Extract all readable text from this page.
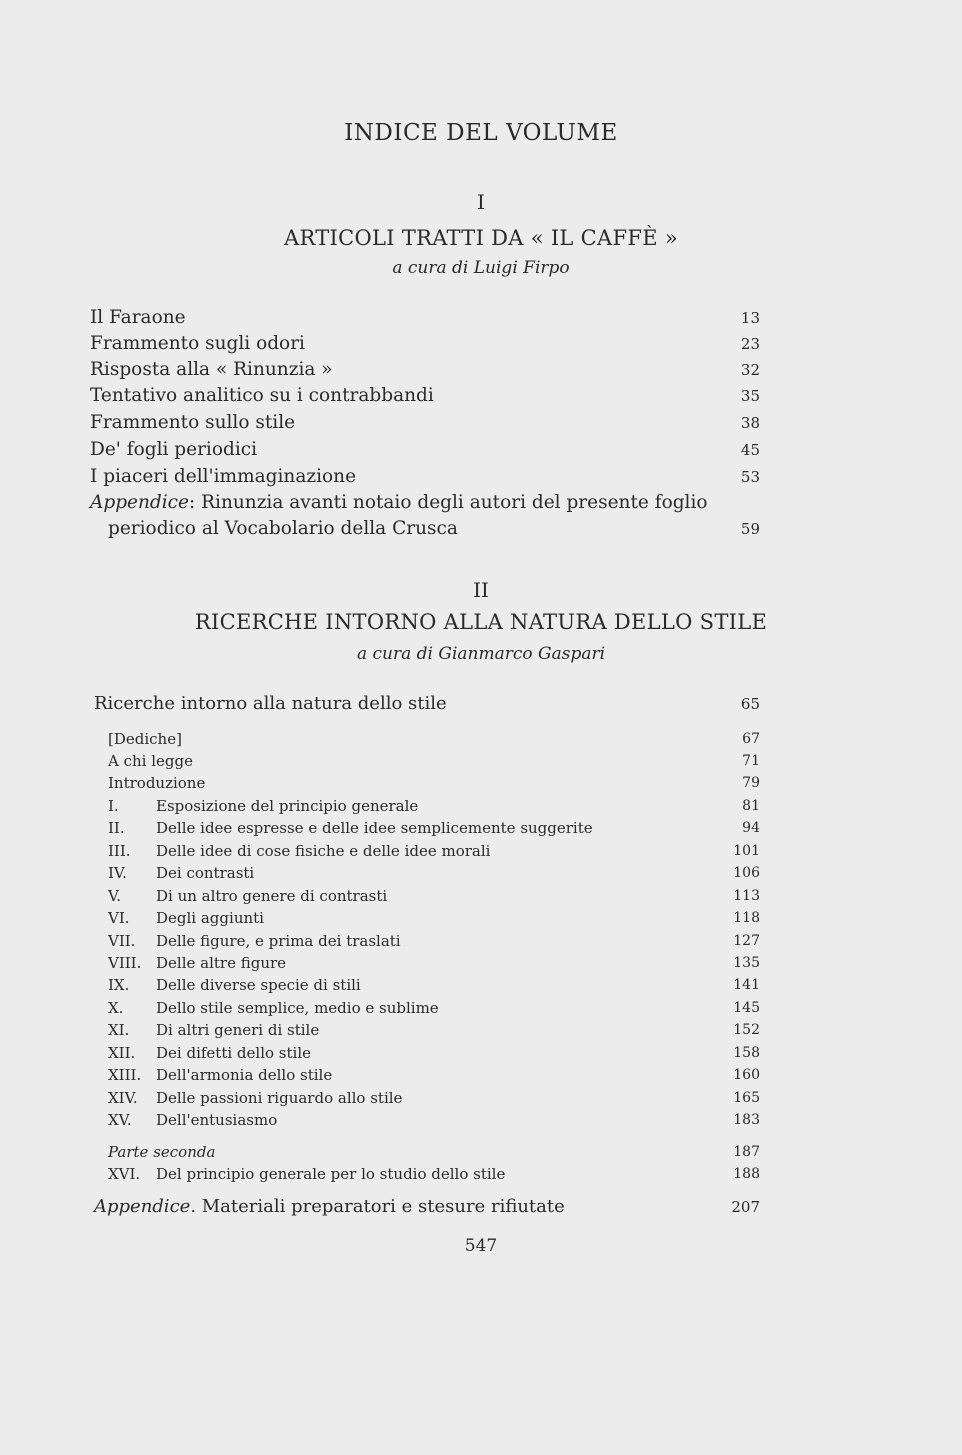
INDICE DEL VOLUME
I
ARTICOLI TRATTI DA « IL CAFFÈ »
a cura di Luigi Firpo
Il Faraone	13
Frammento sugli odori	23
Risposta alla « Rinunzia »	32
Tentativo analitico su i contrabbandi	35
Frammento sullo stile	38
De' fogli periodici	45
I piaceri dell'immaginazione	53
Appendice: Rinunzia avanti notaio degli autori del presente foglio
periodico al Vocabolario della Crusca	59
II
RICERCHE INTORNO ALLA NATURA DELLO STILE
a cura di Gianmarco Gaspari
Ricerche intorno alla natura dello stile	65
[Dediche]	67
A chi legge	71
Introduzione	79
I. Esposizione del principio generale	81
II. Delle idee espresse e delle idee semplicemente suggerite	94
III. Delle idee di cose fisiche e delle idee morali	101
IV. Dei contrasti	106
V. Di un altro genere di contrasti	113
VI. Degli aggiunti	118
VII. Delle figure, e prima dei traslati	127
VIII. Delle altre figure	135
IX. Delle diverse specie di stili	141
X. Dello stile semplice, medio e sublime	145
XI. Di altri generi di stile	152
XII. Dei difetti dello stile	158
XIII. Dell'armonia dello stile	160
XIV. Delle passioni riguardo allo stile	165
XV. Dell'entusiasmo	183
Parte seconda	187
XVI. Del principio generale per lo studio dello stile	188
Appendice. Materiali preparatori e stesure rifiutate	207
547
